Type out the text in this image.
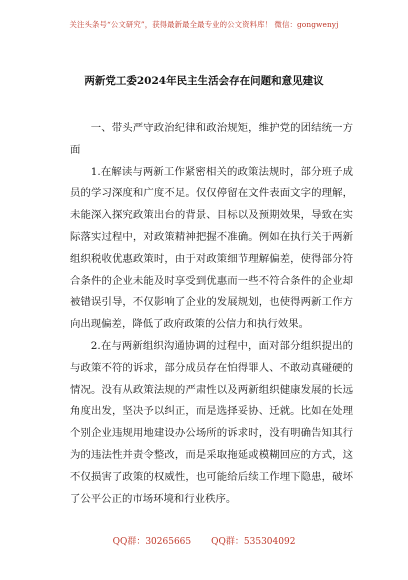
关注头条号“公文研究”，获得最新最全最专业的公文资料库！ 微信：gongwenyj
两新党工委2024年民主生活会存在问题和意见建议

一、带头严守政治纪律和政治规矩，维护党的团结统一方面

1.在解读与两新工作紧密相关的政策法规时，部分班子成员的学习深度和广度不足。仅仅停留在文件表面文字的理解，未能深入探究政策出台的背景、目标以及预期效果，导致在实际落实过程中，对政策精神把握不准确。例如在执行关于两新组织税收优惠政策时，由于对政策细节理解偏差，使得部分符合条件的企业未能及时享受到优惠而一些不符合条件的企业却被错误引导，不仅影响了企业的发展规划，也使得两新工作方向出现偏差，降低了政府政策的公信力和执行效果。

2.在与两新组织沟通协调的过程中，面对部分组织提出的与政策不符的诉求，部分成员存在怕得罪人、不敢动真碰硬的情况。没有从政策法规的严肃性以及两新组织健康发展的长远角度出发，坚决予以纠正，而是选择妥协、迁就。比如在处理个别企业违规用地建设办公场所的诉求时，没有明确告知其行为的违法性并责令整改，而是采取拖延或模糊回应的方式，这不仅损害了政策的权威性，也可能给后续工作埋下隐患，破坏了公平公正的市场环境和行业秩序。

QQ群：30265665 QQ群：535304092
